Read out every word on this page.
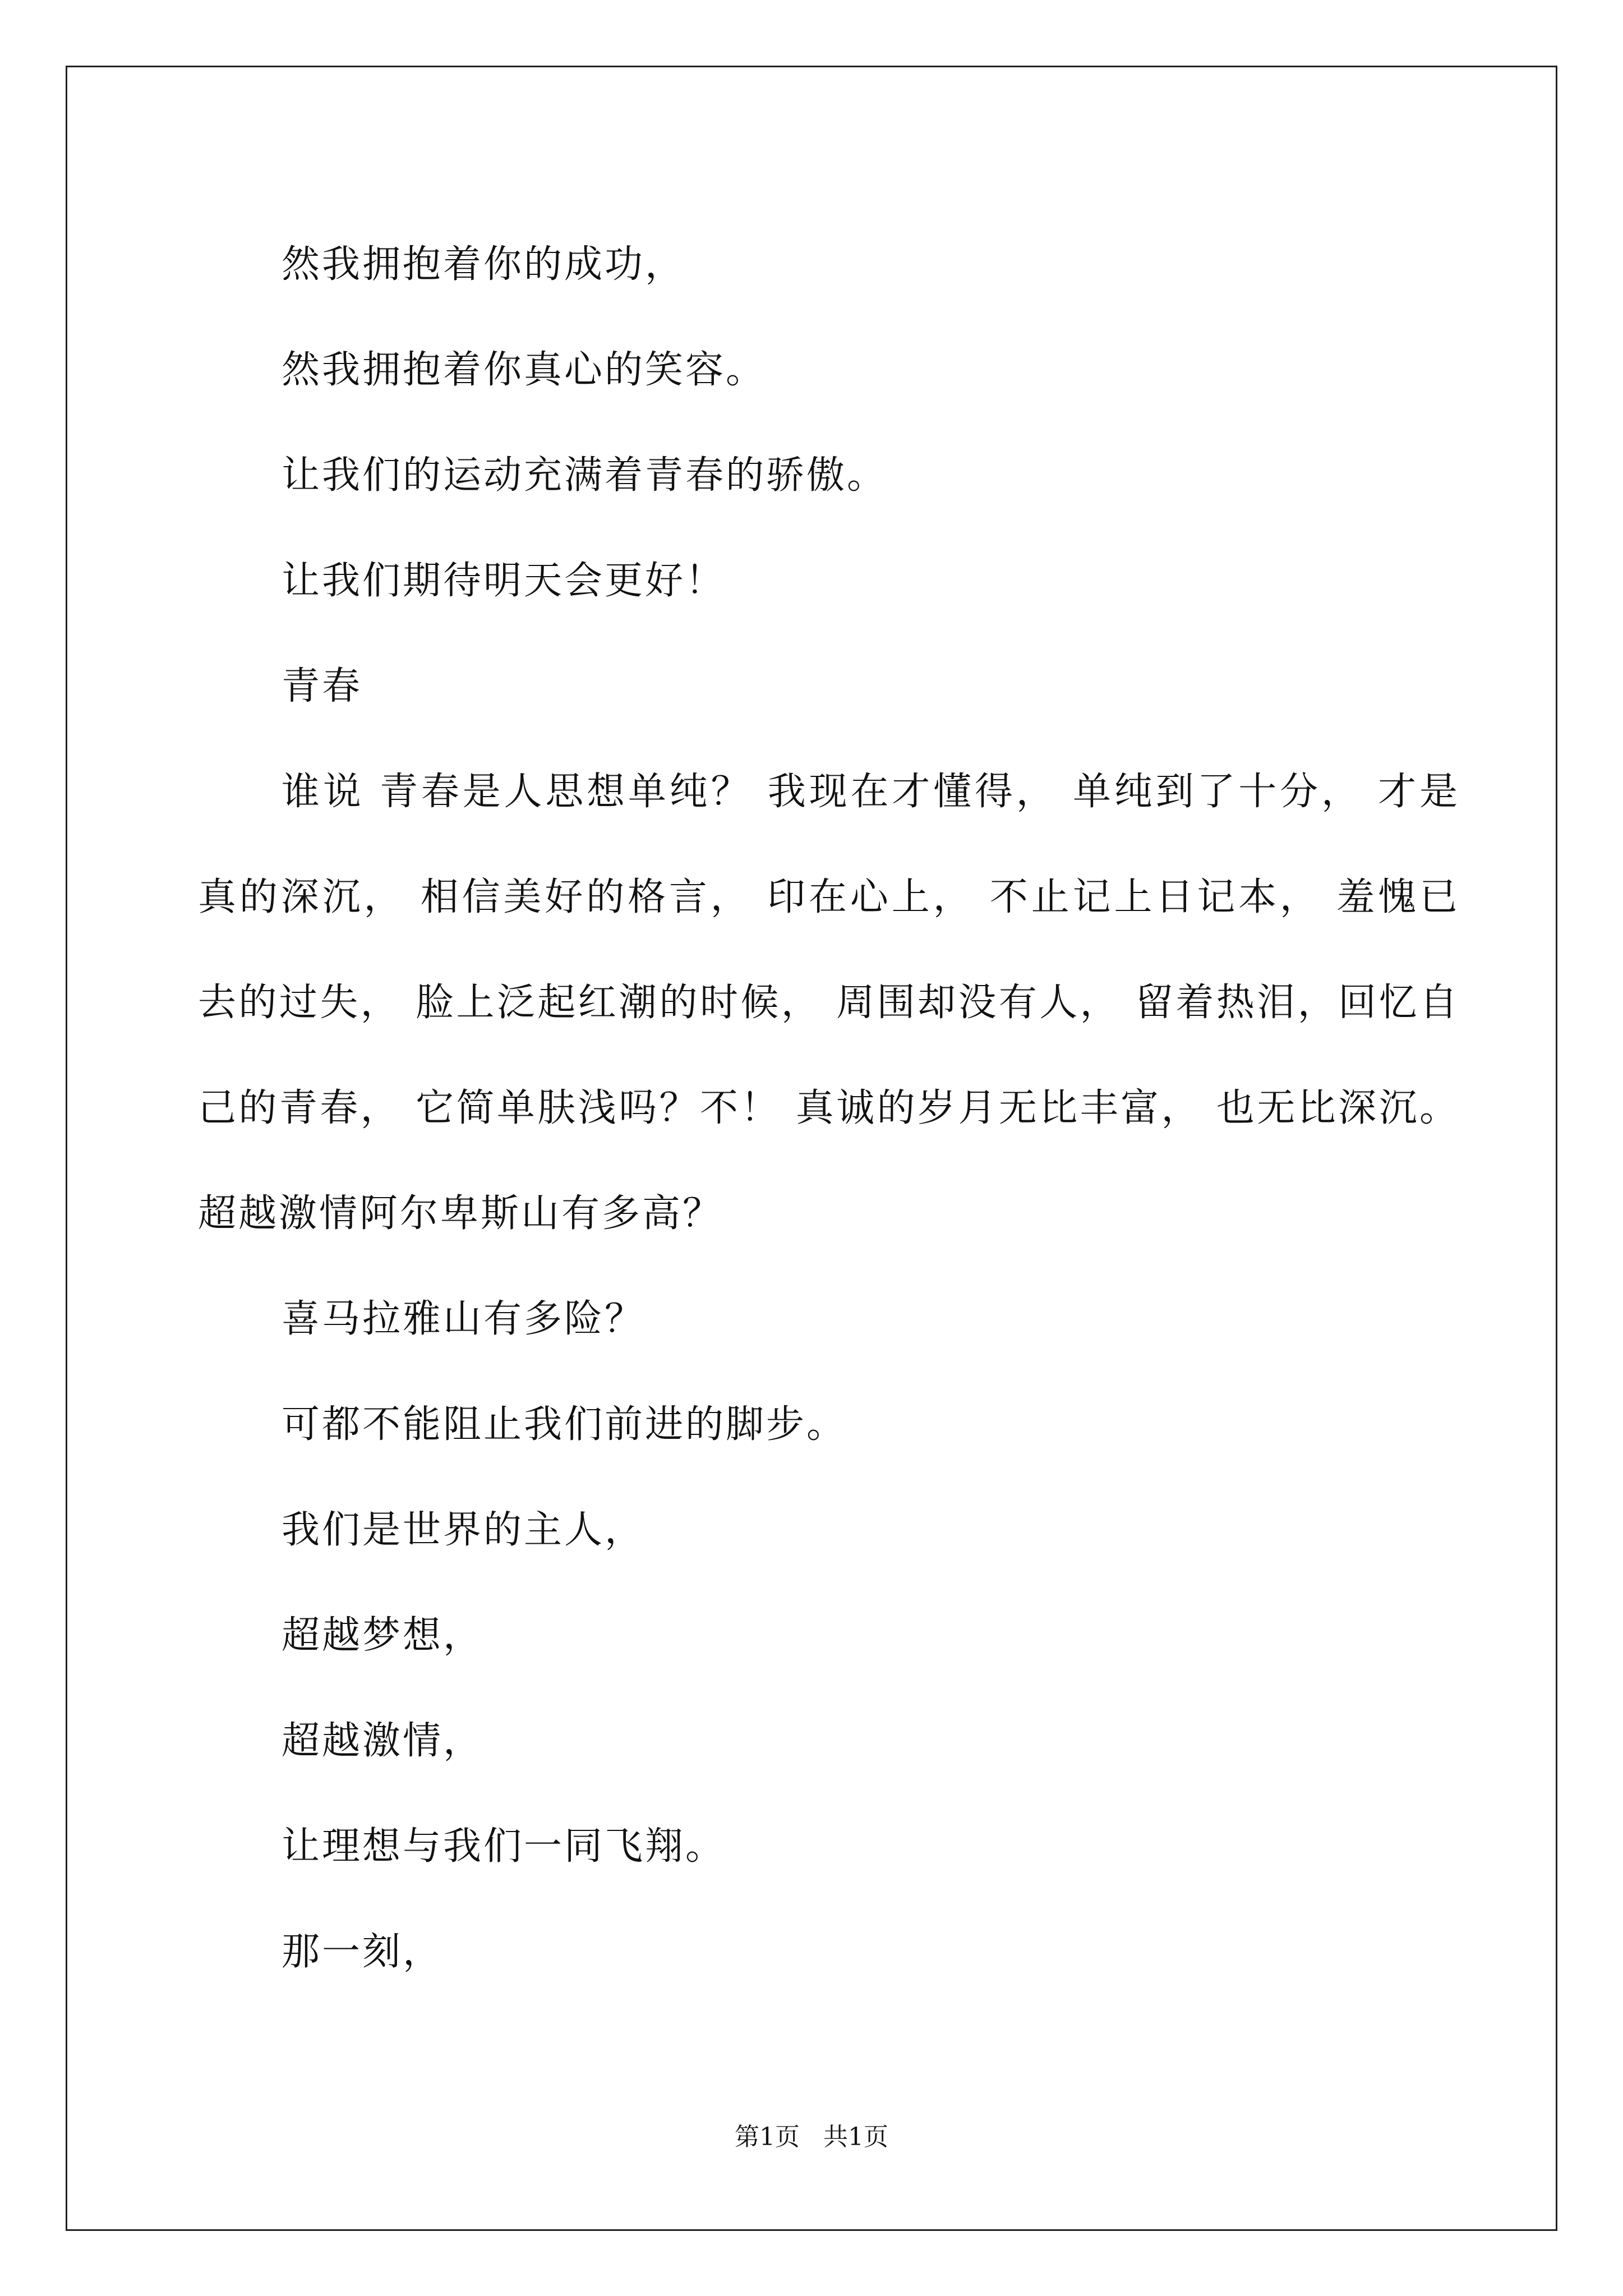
然我拥抱着你的成功，

然我拥抱着你真心的笑容。

让我们的运动充满着青春的骄傲。

让我们期待明天会更好！

青春

谁说 青春是人思想单纯？ 我现在才懂得， 单纯到了十分， 才是真的深沉， 相信美好的格言， 印在心上， 不止记上日记本， 羞愧已去的过失， 脸上泛起红潮的时候， 周围却没有人， 留着热泪，回忆自己的青春， 它简单肤浅吗？不！ 真诚的岁月无比丰富， 也无比深沉。  超越激情阿尔卑斯山有多高？

喜马拉雅山有多险？

可都不能阻止我们前进的脚步。

我们是世界的主人，

超越梦想，

超越激情，

让理想与我们一同飞翔。

那一刻，

第1页 共1页
